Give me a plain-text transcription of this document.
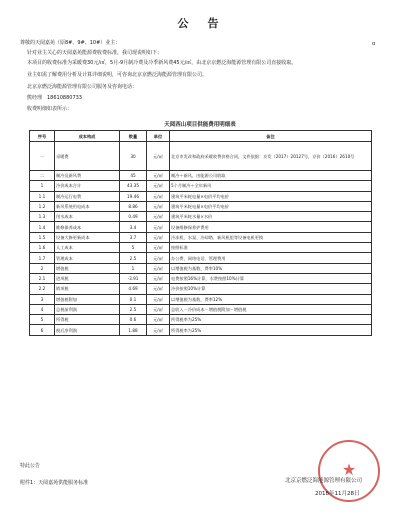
公　告
尊敬的天阅嘉苑（原8#、9#、10#）业主：	ɑ
针对业主关心的天阅嘉苑能源费收费标准，我司现说明如下：
本项目的收费标准为采暖费30元/㎡，5月-9月制冷费及冷季新风费45元/㎡，由北京京燃泛海能源管理有限公司直接收取。
业主如需了解费用分析及计算详细说明，可咨询北京京燃泛海能源管理有限公司。
北京京燃泛海能源管理有限公司服务及咨询电话：
熊经理　18610880733
收费明细如表所示：
天阅西山项目供能费用明细表
序号	成本构成	数量	单位	备注
一	采暖费	30	元/㎡	北京市发改和政府采暖收费价格合同，文件依据：京发（2017）20127号，京价（2016）2610号
二	制冷及新风费	45	元/㎡	制冷＋新风，由能源公司收取
1	冷价成本合计	43.35	元/㎡	5个月制冷＋全年新风
1.1	制冷运行电费	19.46	元/㎡	建筑平米耗电量×电价平均电价
1.2	新风系统用电成本	8.86	元/㎡	建筑平米耗电量×电价平均电价
1.3	用水成本	0.49	元/㎡	建筑平米耗水量×水价
1.4	维修保养成本	3.4	元/㎡	设备维修保养护费用
1.5	设备大修更新成本	3.7	元/㎡	冷冻机、水泵、冷却塔、新风机组等设备电机更换
1.6	人工成本	5	元/㎡	按照标准
1.7	管理成本	2.5	元/㎡	办公费、网络电话、管理费用
2	增值税	1	元/㎡	以增值税为基数，费率10%
2.1	进项税	-3.91	元/㎡	电费按照16%计算，水费按照10%计算
2.2	销项税	4.69	元/㎡	冷价按照10%计算
3	增值税附加	0.1	元/㎡	以增值税为基数，费率12%
4	总税前利润	2.5	元/㎡	总收入－冷价成本－增值税附加－增值税
5	所得税	0.6	元/㎡	所得税率为25%
6	税后净利润	1.88	元/㎡	所得税率为25%
特此公告
附件1：天阅嘉苑供能服务标准
★
北京京燃泛海能源管理有限公司
2018年11月28日
